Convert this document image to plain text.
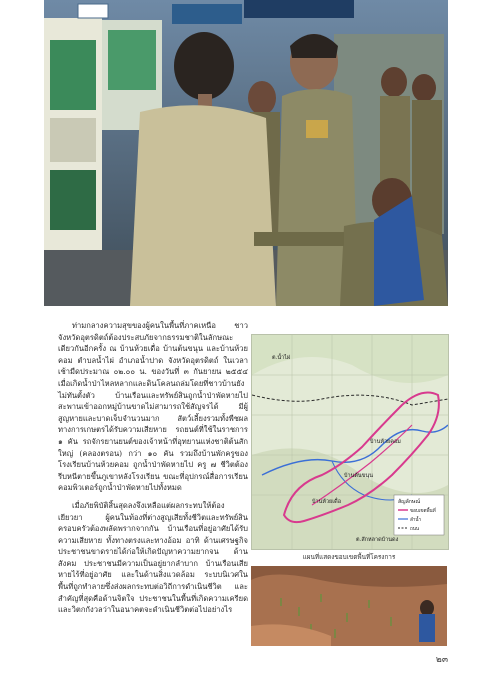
ท่ามกลางความสุขของผู้คนในพื้นที่ภาคเหนือ ชาวจังหวัดอุตรดิตถ์ต้องประสบภัยจากธรรมชาติในลักษณะเดียวกันอีกครั้ง ณ บ้านห้วยเดื่อ บ้านต้นขนุน และบ้านห้วยคอม ตำบลน้ำไผ่ อำเภอน้ำปาด จังหวัดอุตรดิตถ์ ในเวลาเช้ามืดประมาณ ๐๒.๐๐ น. ของวันที่ ๓ กันยายน ๒๕๕๔ เมื่อเกิดน้ำป่าไหลหลากและดินโคลนถล่มโดยที่ชาวบ้านยังไม่ทันตั้งตัว บ้านเรือนและทรัพย์สินถูกน้ำป่าพัดหายไป สะพานเข้าออกหมู่บ้านขาดไม่สามารถใช้สัญจรได้ มีผู้สูญหายและบาดเจ็บจำนวนมาก สัตว์เลี้ยงรวมทั้งพืชผลทางการเกษตรได้รับความเสียหาย รถยนต์ที่ใช้ในราชการ ๑ คัน รถจักรยานยนต์ของเจ้าหน้าที่อุทยานแห่งชาติต้นสักใหญ่ (คลองตรอน) กว่า ๑๐ คัน รวมถึงบ้านพักครูของโรงเรียนบ้านห้วยคอม ถูกน้ำป่าพัดหายไป ครู ๗ ชีวิตต้องรีบหนีตายขึ้นภูเขาหลังโรงเรียน ขณะที่อุปกรณ์สื่อการเรียนคอมพิวเตอร์ถูกน้ำป่าพัดหายไปทั้งหมด

เมื่อภัยพิบัติสิ้นสุดลงจึงเหลือแต่ผลกระทบให้ต้องเยียวยา ผู้คนในท้องที่ต่างสูญเสียทั้งชีวิตและทรัพย์สิน ครอบครัวต้องพลัดพรากจากกัน บ้านเรือนที่อยู่อาศัยได้รับความเสียหาย ทั้งทางตรงและทางอ้อม อาทิ ด้านเศรษฐกิจ ประชาชนขาดรายได้ก่อให้เกิดปัญหาความยากจน ด้านสังคม ประชาชนมีความเป็นอยู่ยากลำบาก บ้านเรือนเสียหายไร้ที่อยู่อาศัย และในด้านสิ่งแวดล้อม ระบบนิเวศในพื้นที่ถูกทำลายซึ่งส่งผลกระทบต่อวิถีการดำเนินชีวิต และสำคัญที่สุดคือด้านจิตใจ ประชาชนในพื้นที่เกิดความเครียดและวิตกกังวลว่าในอนาคตจะดำเนินชีวิตต่อไปอย่างไร

บ้านห้วยคอม
บ้านต้นขนุน
บ้านห้วยเดื่อ
ต.น้ำไผ่
ต.สักหลาดบ้านดง
สัญลักษณ์
ขอบเขตพื้นที่
ลำน้ำ
ถนน
แผนที่แสดงขอบเขตพื้นที่โครงการ
๒๓
